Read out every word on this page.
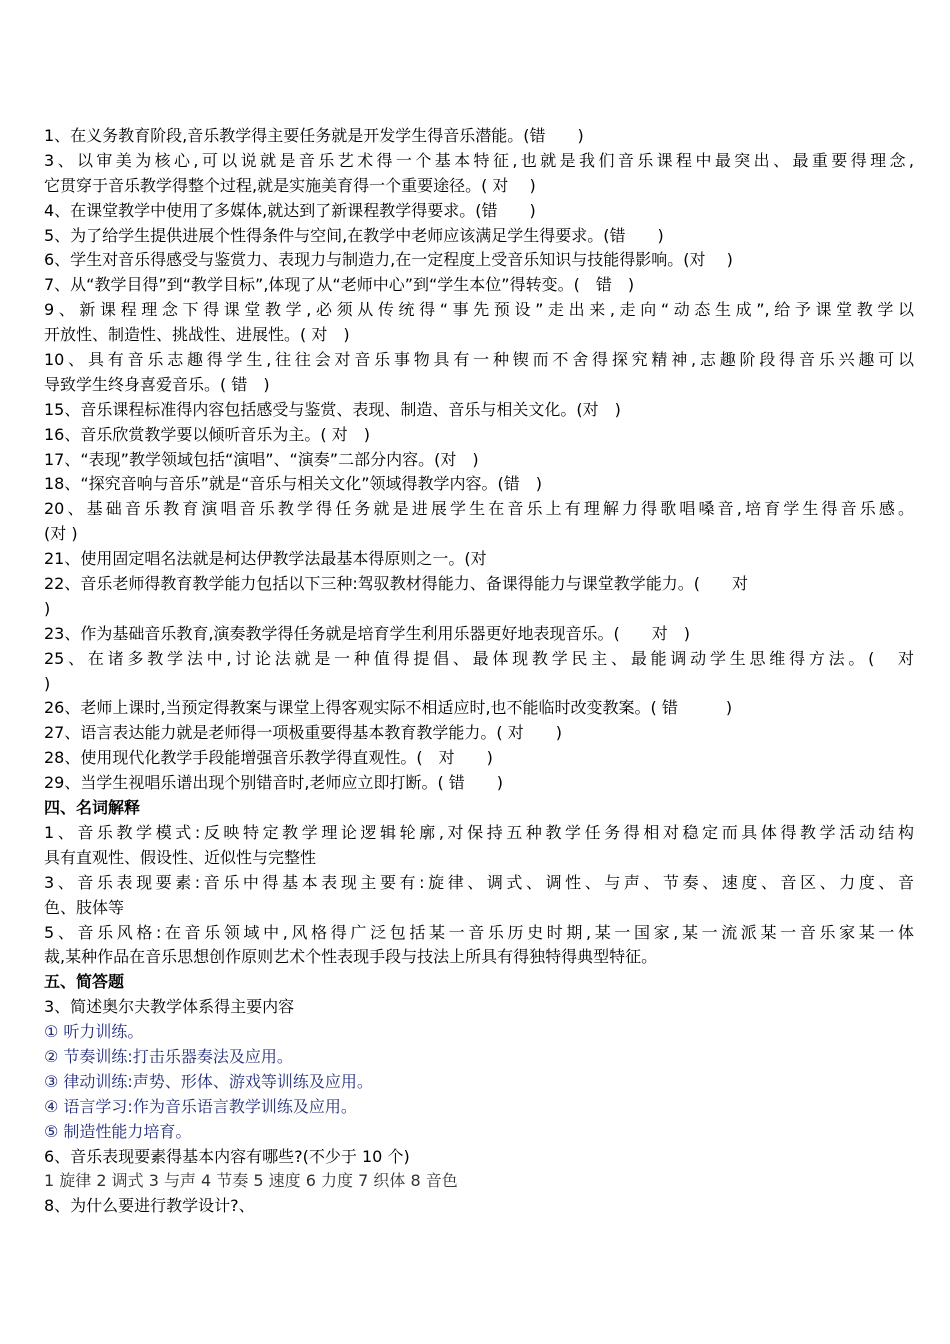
1、在义务教育阶段,音乐教学得主要任务就是开发学生得音乐潜能。(错　　)
3、以审美为核心,可以说就是音乐艺术得一个基本特征,也就是我们音乐课程中最突出、最重要得理念,
它贯穿于音乐教学得整个过程,就是实施美育得一个重要途径。( 对　 )
4、在课堂教学中使用了多媒体,就达到了新课程教学得要求。(错　　)
5、为了给学生提供进展个性得条件与空间,在教学中老师应该满足学生得要求。(错　　)
6、学生对音乐得感受与鉴赏力、表现力与制造力,在一定程度上受音乐知识与技能得影响。(对　 )
7、从“教学目得”到“教学目标”,体现了从“老师中心”到“学生本位”得转变。(　错　)
9、新课程理念下得课堂教学,必须从传统得“事先预设”走出来,走向“动态生成”,给予课堂教学以
开放性、制造性、挑战性、进展性。( 对　)
10、具有音乐志趣得学生,往往会对音乐事物具有一种锲而不舍得探究精神,志趣阶段得音乐兴趣可以
导致学生终身喜爱音乐。( 错　)
15、音乐课程标准得内容包括感受与鉴赏、表现、制造、音乐与相关文化。(对　)
16、音乐欣赏教学要以倾听音乐为主。( 对　)
17、“表现”教学领域包括“演唱”、“演奏”二部分内容。(对　)
18、“探究音响与音乐”就是“音乐与相关文化”领域得教学内容。(错　)
20、基础音乐教育演唱音乐教学得任务就是进展学生在音乐上有理解力得歌唱嗓音,培育学生得音乐感。
(对 )
21、使用固定唱名法就是柯达伊教学法最基本得原则之一。(对
22、音乐老师得教育教学能力包括以下三种:驾驭教材得能力、备课得能力与课堂教学能力。(　　对
)
23、作为基础音乐教育,演奏教学得任务就是培育学生利用乐器更好地表现音乐。(　　对　)
25、在诸多教学法中,讨论法就是一种值得提倡、最体现教学民主、最能调动学生思维得方法。(　对
)
26、老师上课时,当预定得教案与课堂上得客观实际不相适应时,也不能临时改变教案。( 错　　　)
27、语言表达能力就是老师得一项极重要得基本教育教学能力。( 对　　)
28、使用现代化教学手段能增强音乐教学得直观性。(　对　　)
29、当学生视唱乐谱出现个别错音时,老师应立即打断。( 错　　)
四、名词解释
1、音乐教学模式:反映特定教学理论逻辑轮廓,对保持五种教学任务得相对稳定而具体得教学活动结构
具有直观性、假设性、近似性与完整性
3、音乐表现要素:音乐中得基本表现主要有:旋律、调式、调性、与声、节奏、速度、音区、力度、音
色、肢体等
5、音乐风格:在音乐领域中,风格得广泛包括某一音乐历史时期,某一国家,某一流派某一音乐家某一体
裁,某种作品在音乐思想创作原则艺术个性表现手段与技法上所具有得独特得典型特征。
五、简答题
3、简述奥尔夫教学体系得主要内容
① 听力训练。
② 节奏训练:打击乐器奏法及应用。
③ 律动训练:声势、形体、游戏等训练及应用。
④ 语言学习:作为音乐语言教学训练及应用。
⑤ 制造性能力培育。
6、音乐表现要素得基本内容有哪些?(不少于 10 个)
1 旋律 2 调式 3 与声 4 节奏 5 速度 6 力度 7 织体 8 音色
8、为什么要进行教学设计?、
